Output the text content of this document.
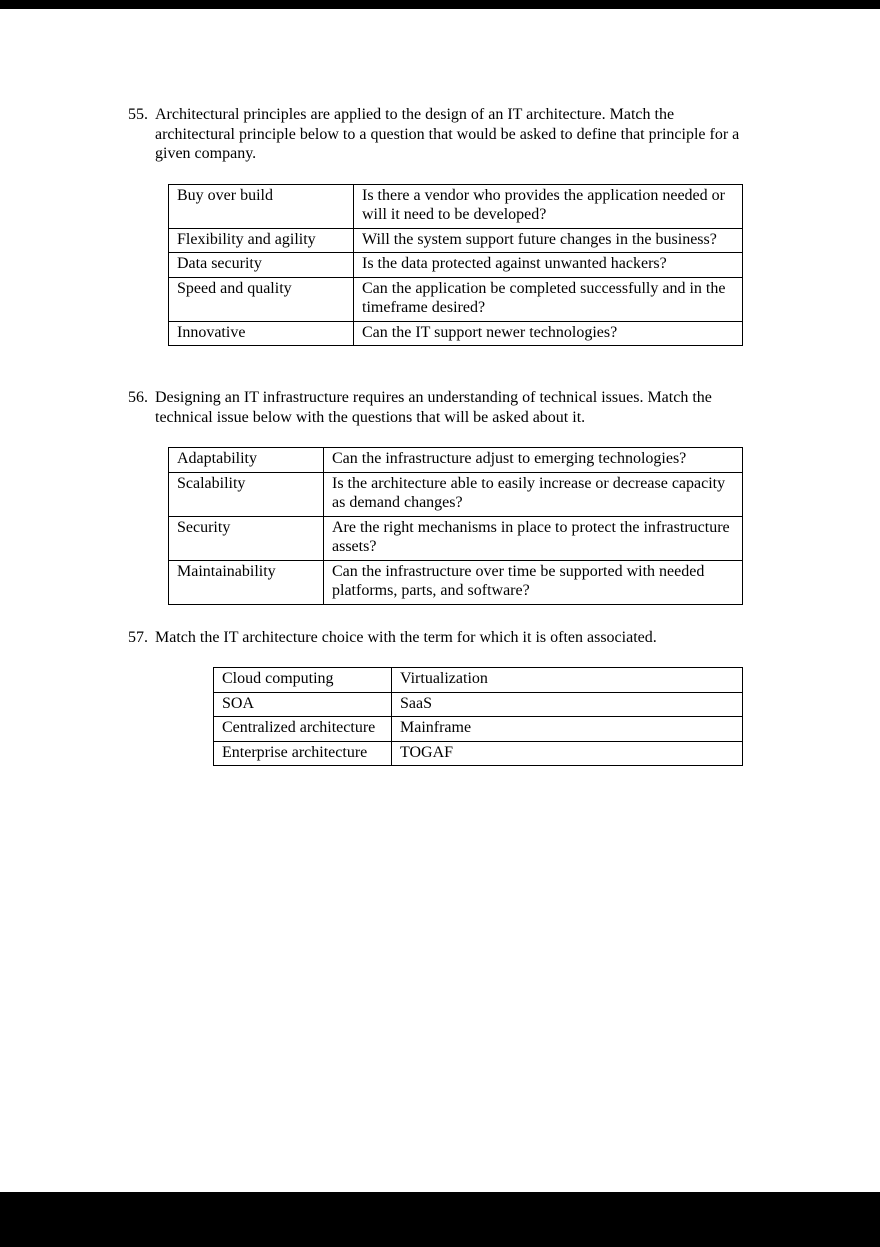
55. Architectural principles are applied to the design of an IT architecture. Match the architectural principle below to a question that would be asked to define that principle for a given company.
Buy over build	Is there a vendor who provides the application needed or will it need to be developed?
Flexibility and agility	Will the system support future changes in the business?
Data security	Is the data protected against unwanted hackers?
Speed and quality	Can the application be completed successfully and in the timeframe desired?
Innovative	Can the IT support newer technologies?
56. Designing an IT infrastructure requires an understanding of technical issues. Match the technical issue below with the questions that will be asked about it.
Adaptability	Can the infrastructure adjust to emerging technologies?
Scalability	Is the architecture able to easily increase or decrease capacity as demand changes?
Security	Are the right mechanisms in place to protect the infrastructure assets?
Maintainability	Can the infrastructure over time be supported with needed platforms, parts, and software?
57. Match the IT architecture choice with the term for which it is often associated.
Cloud computing	Virtualization
SOA	SaaS
Centralized architecture	Mainframe
Enterprise architecture	TOGAF
